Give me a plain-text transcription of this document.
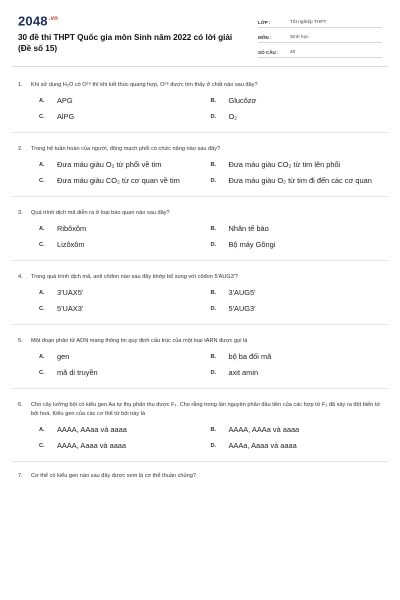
$2048^{.vn}$
30 đề thi THPT Quốc gia môn Sinh năm 2022 có lời giải
(Đề số 15)
LỚP :	Tốt nghiệp THPT
MÔN :	Sinh học
SỐ CÂU :	40
1.	Khi sử dụng H₂O có O¹⁸ thì khi kết thúc quang hợp, O¹⁸ được tìm thấy ở chất nào sau đây?
A.	APG	B.	Glucôzơ
C.	AlPG	D.	O₂
2.	Trong hệ tuần hoàn của người, động mạch phổi có chức năng nào sau đây?
A.	Đưa máu giàu O₂ từ phổi về tim	B.	Đưa máu giàu CO₂ từ tim lên phổi
C.	Đưa máu giàu CO₂ từ cơ quan về tim	D.	Đưa máu giàu O₂ từ tim đi đến các cơ quan
3.	Quá trình dịch mã diễn ra ở loại bào quan nào sau đây?
A.	Ribôxôm	B.	Nhân tế bào
C.	Lizôxôm	D.	Bộ máy Gôngi
4.	Trong quá trình dịch mã, anti côđon nào sau đây khớp bổ sung với côđon 5'AUG3'?
A.	3'UAX5'	B.	3'AUG5'
C.	5'UAX3'	D.	5'AUG3'
5.	Một đoạn phân tử ADN mang thông tin quy định cấu trúc của một loại tARN được gọi là
A.	gen	B.	bộ ba đối mã
C.	mã di truyền	D.	axit amin
6.	Cho cây lưỡng bội có kiểu gen Aa tự thụ phấn thu được F₁. Cho rằng trong lần nguyên phân đầu tiên của các hợp tử F₁ đã xảy ra đột biến tứ bội hoá. Kiểu gen của các cơ thể tứ bội này là
A.	AAAA, AAaa và aaaa	B.	AAAA, AAAa và aaaa
C.	AAAA, Aaaa và aaaa	D.	AAAa, Aaaa và aaaa
7.	Cơ thể có kiểu gen nào sau đây được xem là cơ thể thuần chủng?
